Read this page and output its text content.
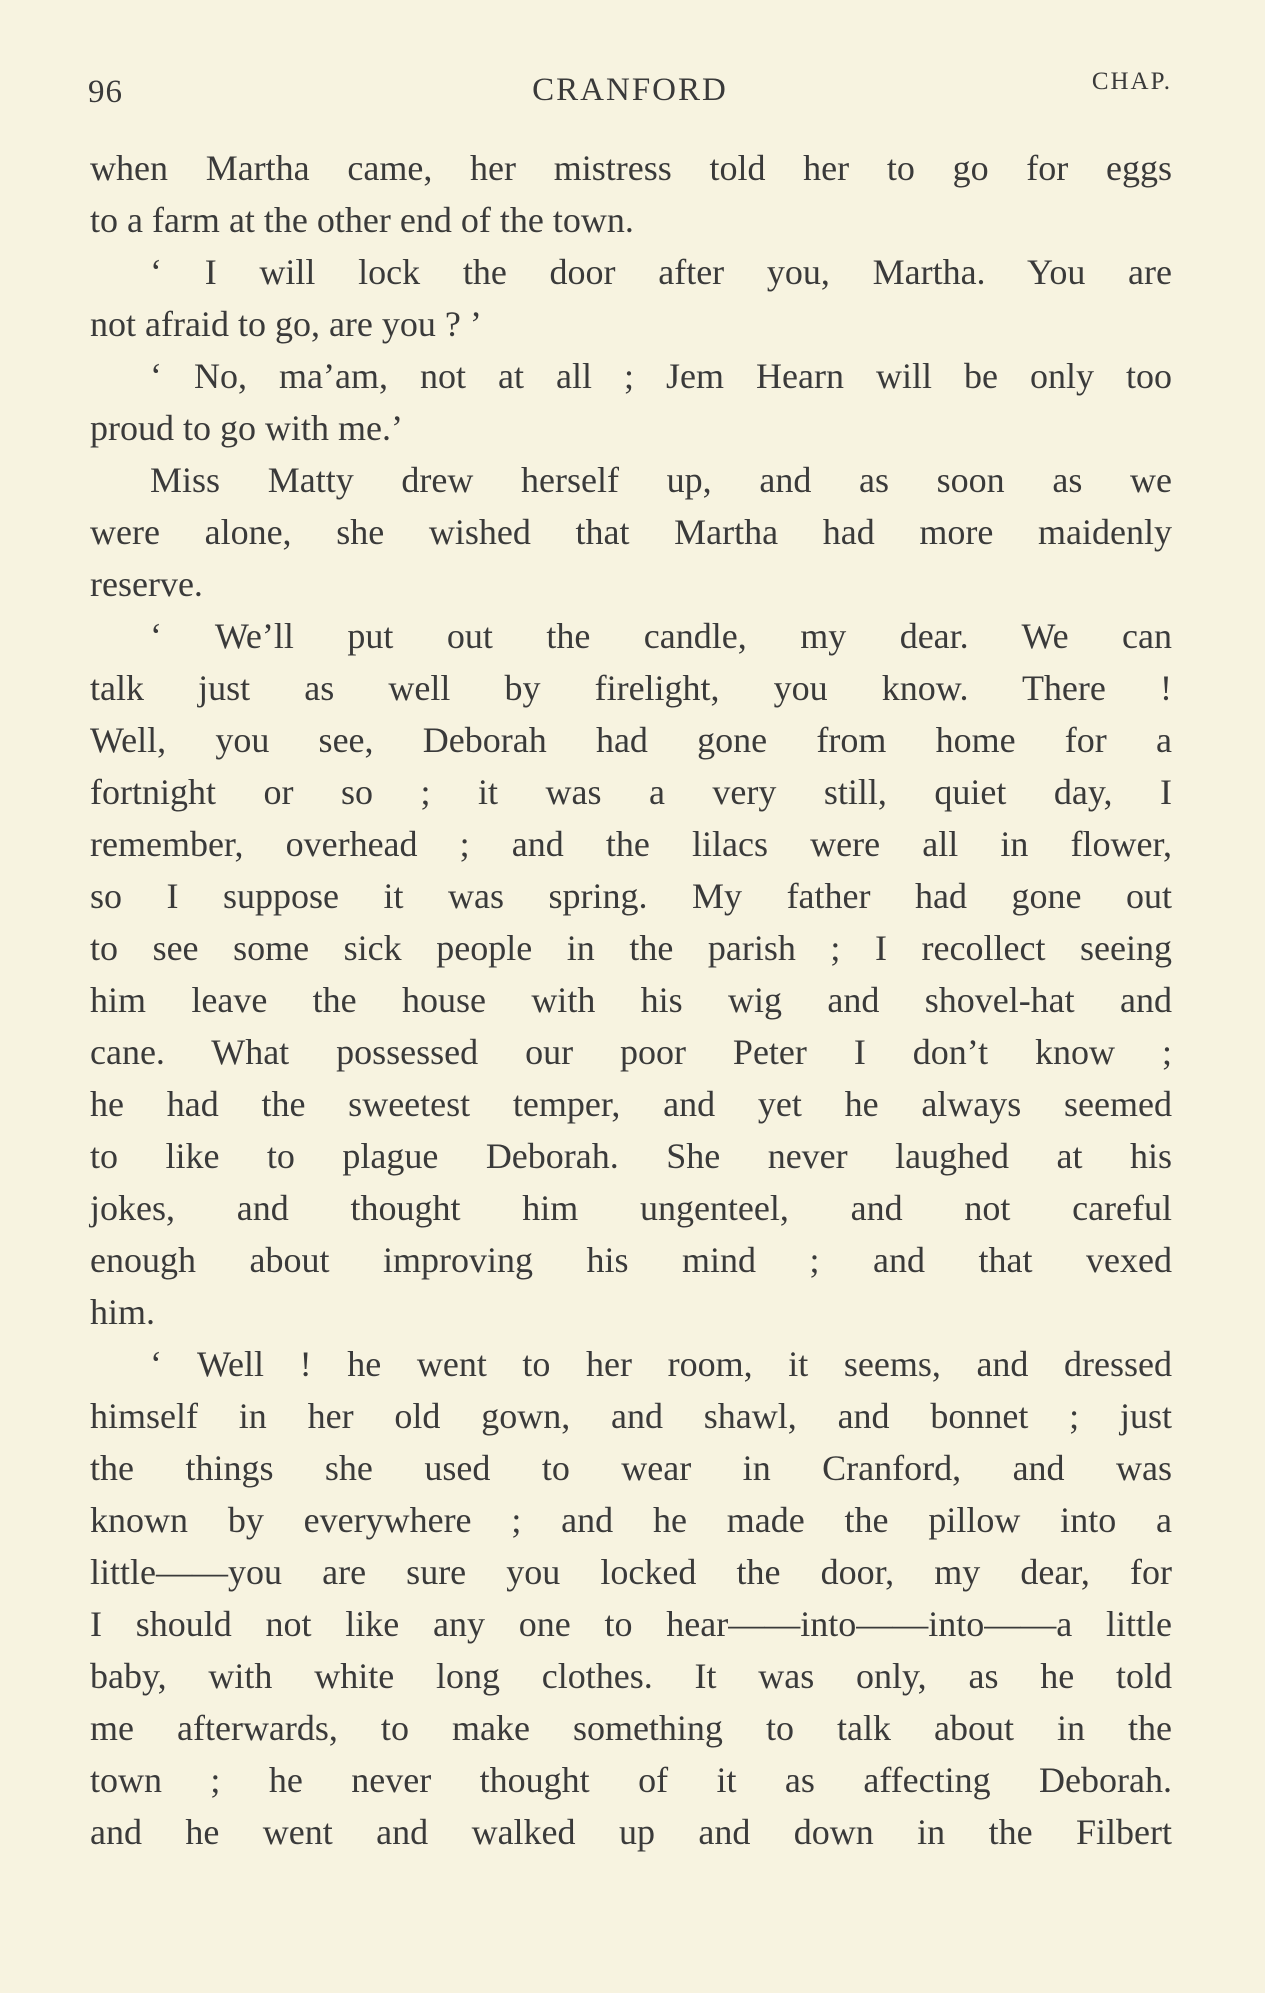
96	CRANFORD	CHAP.
when Martha came, her mistress told her to go for eggs
to a farm at the other end of the town.
‘ I will lock the door after you, Martha. You are
not afraid to go, are you ? ’
‘ No, ma’am, not at all ; Jem Hearn will be only too
proud to go with me.’
Miss Matty drew herself up, and as soon as we
were alone, she wished that Martha had more maidenly
reserve.
‘ We’ll put out the candle, my dear. We can
talk just as well by firelight, you know. There !
Well, you see, Deborah had gone from home for a
fortnight or so ; it was a very still, quiet day, I
remember, overhead ; and the lilacs were all in flower,
so I suppose it was spring. My father had gone out
to see some sick people in the parish ; I recollect seeing
him leave the house with his wig and shovel-hat and
cane. What possessed our poor Peter I don’t know ;
he had the sweetest temper, and yet he always seemed
to like to plague Deborah. She never laughed at his
jokes, and thought him ungenteel, and not careful
enough about improving his mind ; and that vexed
him.
‘ Well ! he went to her room, it seems, and dressed
himself in her old gown, and shawl, and bonnet ; just
the things she used to wear in Cranford, and was
known by everywhere ; and he made the pillow into a
little——you are sure you locked the door, my dear, for
I should not like any one to hear——into——into——a little
baby, with white long clothes. It was only, as he told
me afterwards, to make something to talk about in the
town ; he never thought of it as affecting Deborah.
and he went and walked up and down in the Filbert
